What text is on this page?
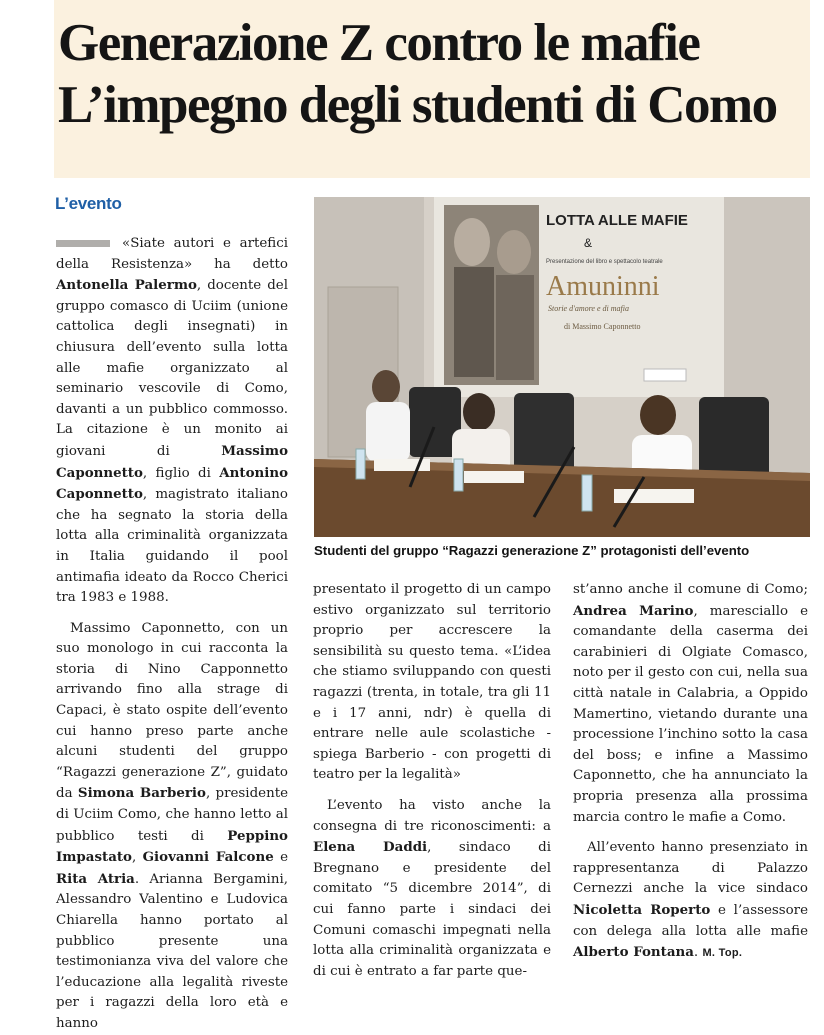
Generazione Z contro le mafie
L’impegno degli studenti di Como
L’evento
LOTTA ALLE MAFIE
&
Presentazione del libro e spettacolo teatrale
Amuninni
Storie d'amore e di mafia
di Massimo Caponnetto
Studenti del gruppo “Ragazzi generazione Z” protagonisti dell’evento

«Siate autori e artefici della Resistenza» ha detto Antonella Palermo, docente del gruppo comasco di Uciim (unione cattolica degli insegnati) in chiusura dell’evento sulla lotta alle mafie organizzato al seminario vescovile di Como, davanti a un pubblico commosso. La citazione è un monito ai giovani di Massimo Caponnetto, figlio di Antonino Caponnetto, magistrato italiano che ha segnato la storia della lotta alla criminalità organizzata in Italia guidando il pool antimafia ideato da Rocco Cherici tra 1983 e 1988.

Massimo Caponnetto, con un suo monologo in cui racconta la storia di Nino Capponnetto arrivando fino alla strage di Capaci, è stato ospite dell’evento cui hanno preso parte anche alcuni studenti del gruppo “Ragazzi generazione Z”, guidato da Simona Barberio, presidente di Uciim Como, che hanno letto al pubblico testi di Peppino Impastato, Giovanni Falcone e Rita Atria. Arianna Bergamini, Alessandro Valentino e Ludovica Chiarella hanno portato al pubblico presente una testimonianza viva del valore che l’educazione alla legalità riveste per i ragazzi della loro età e hanno

presentato il progetto di un campo estivo organizzato sul territorio proprio per accrescere la sensibilità su questo tema. «L’idea che stiamo sviluppando con questi ragazzi (trenta, in totale, tra gli 11 e i 17 anni, ndr) è quella di entrare nelle aule scolastiche - spiega Barberio - con progetti di teatro per la legalità»

L’evento ha visto anche la consegna di tre riconoscimenti: a Elena Daddi, sindaco di Bregnano e presidente del comitato “5 dicembre 2014”, di cui fanno parte i sindaci dei Comuni comaschi impegnati nella lotta alla criminalità organizzata e di cui è entrato a far parte que-

st’anno anche il comune di Como; Andrea Marino, maresciallo e comandante della caserma dei carabinieri di Olgiate Comasco, noto per il gesto con cui, nella sua città natale in Calabria, a Oppido Mamertino, vietando durante una processione l’inchino sotto la casa del boss; e infine a Massimo Caponnetto, che ha annunciato la propria presenza alla prossima marcia contro le mafie a Como.

All’evento hanno presenziato in rappresentanza di Palazzo Cernezzi anche la vice sindaco Nicoletta Roperto e l’assessore con delega alla lotta alle mafie Alberto Fontana. M. Top.
